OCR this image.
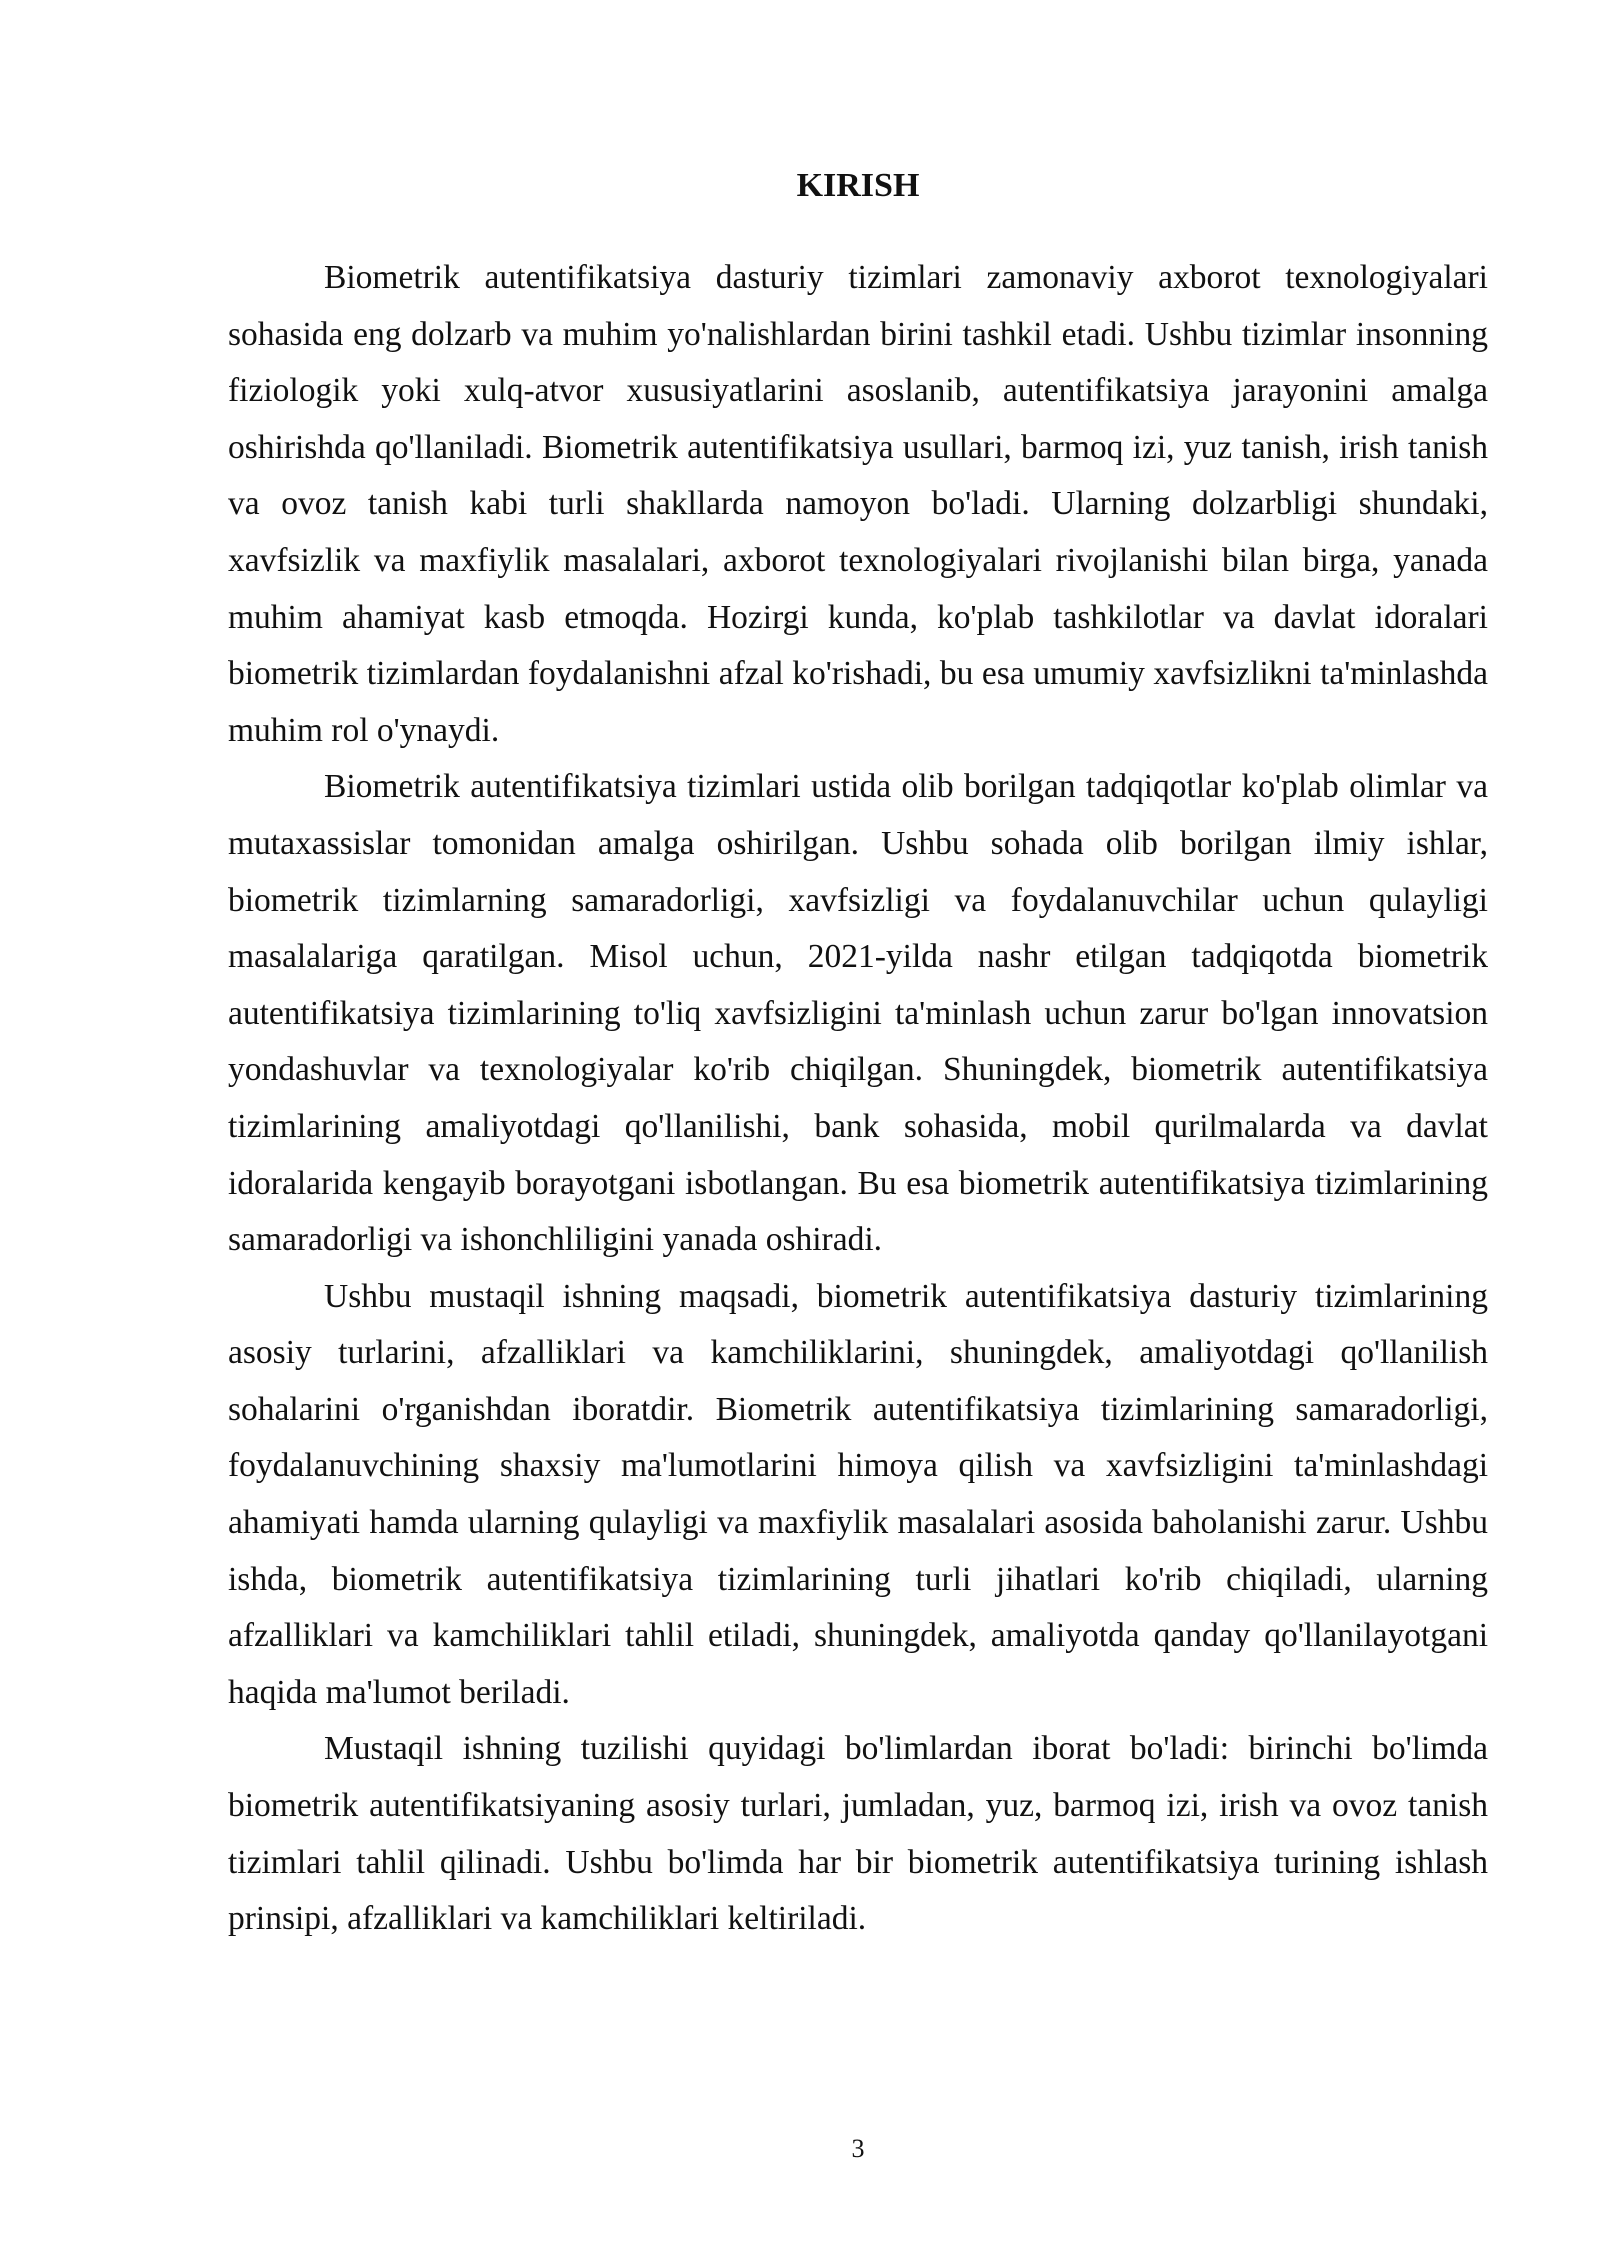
KIRISH

Biometrik autentifikatsiya dasturiy tizimlari zamonaviy axborot texnologiyalari sohasida eng dolzarb va muhim yo'nalishlardan birini tashkil etadi. Ushbu tizimlar insonning fiziologik yoki xulq-atvor xususiyatlarini asoslanib, autentifikatsiya jarayonini amalga oshirishda qo'llaniladi. Biometrik autentifikatsiya usullari, barmoq izi, yuz tanish, irish tanish va ovoz tanish kabi turli shakllarda namoyon bo'ladi. Ularning dolzarbligi shundaki, xavfsizlik va maxfiylik masalalari, axborot texnologiyalari rivojlanishi bilan birga, yanada muhim ahamiyat kasb etmoqda. Hozirgi kunda, ko'plab tashkilotlar va davlat idoralari biometrik tizimlardan foydalanishni afzal ko'rishadi, bu esa umumiy xavfsizlikni ta'minlashda muhim rol o'ynaydi.

Biometrik autentifikatsiya tizimlari ustida olib borilgan tadqiqotlar ko'plab olimlar va mutaxassislar tomonidan amalga oshirilgan. Ushbu sohada olib borilgan ilmiy ishlar, biometrik tizimlarning samaradorligi, xavfsizligi va foydalanuvchilar uchun qulayligi masalalariga qaratilgan. Misol uchun, 2021-yilda nashr etilgan tadqiqotda biometrik autentifikatsiya tizimlarining to'liq xavfsizligini ta'minlash uchun zarur bo'lgan innovatsion yondashuvlar va texnologiyalar ko'rib chiqilgan. Shuningdek, biometrik autentifikatsiya tizimlarining amaliyotdagi qo'llanilishi, bank sohasida, mobil qurilmalarda va davlat idoralarida kengayib borayotgani isbotlangan. Bu esa biometrik autentifikatsiya tizimlarining samaradorligi va ishonchliligini yanada oshiradi.

Ushbu mustaqil ishning maqsadi, biometrik autentifikatsiya dasturiy tizimlarining asosiy turlarini, afzalliklari va kamchiliklarini, shuningdek, amaliyotdagi qo'llanilish sohalarini o'rganishdan iboratdir. Biometrik autentifikatsiya tizimlarining samaradorligi, foydalanuvchining shaxsiy ma'lumotlarini himoya qilish va xavfsizligini ta'minlashdagi ahamiyati hamda ularning qulayligi va maxfiylik masalalari asosida baholanishi zarur. Ushbu ishda, biometrik autentifikatsiya tizimlarining turli jihatlari ko'rib chiqiladi, ularning afzalliklari va kamchiliklari tahlil etiladi, shuningdek, amaliyotda qanday qo'llanilayotgani haqida ma'lumot beriladi.

Mustaqil ishning tuzilishi quyidagi bo'limlardan iborat bo'ladi: birinchi bo'limda biometrik autentifikatsiyaning asosiy turlari, jumladan, yuz, barmoq izi, irish va ovoz tanish tizimlari tahlil qilinadi. Ushbu bo'limda har bir biometrik autentifikatsiya turining ishlash prinsipi, afzalliklari va kamchiliklari keltiriladi.

3
